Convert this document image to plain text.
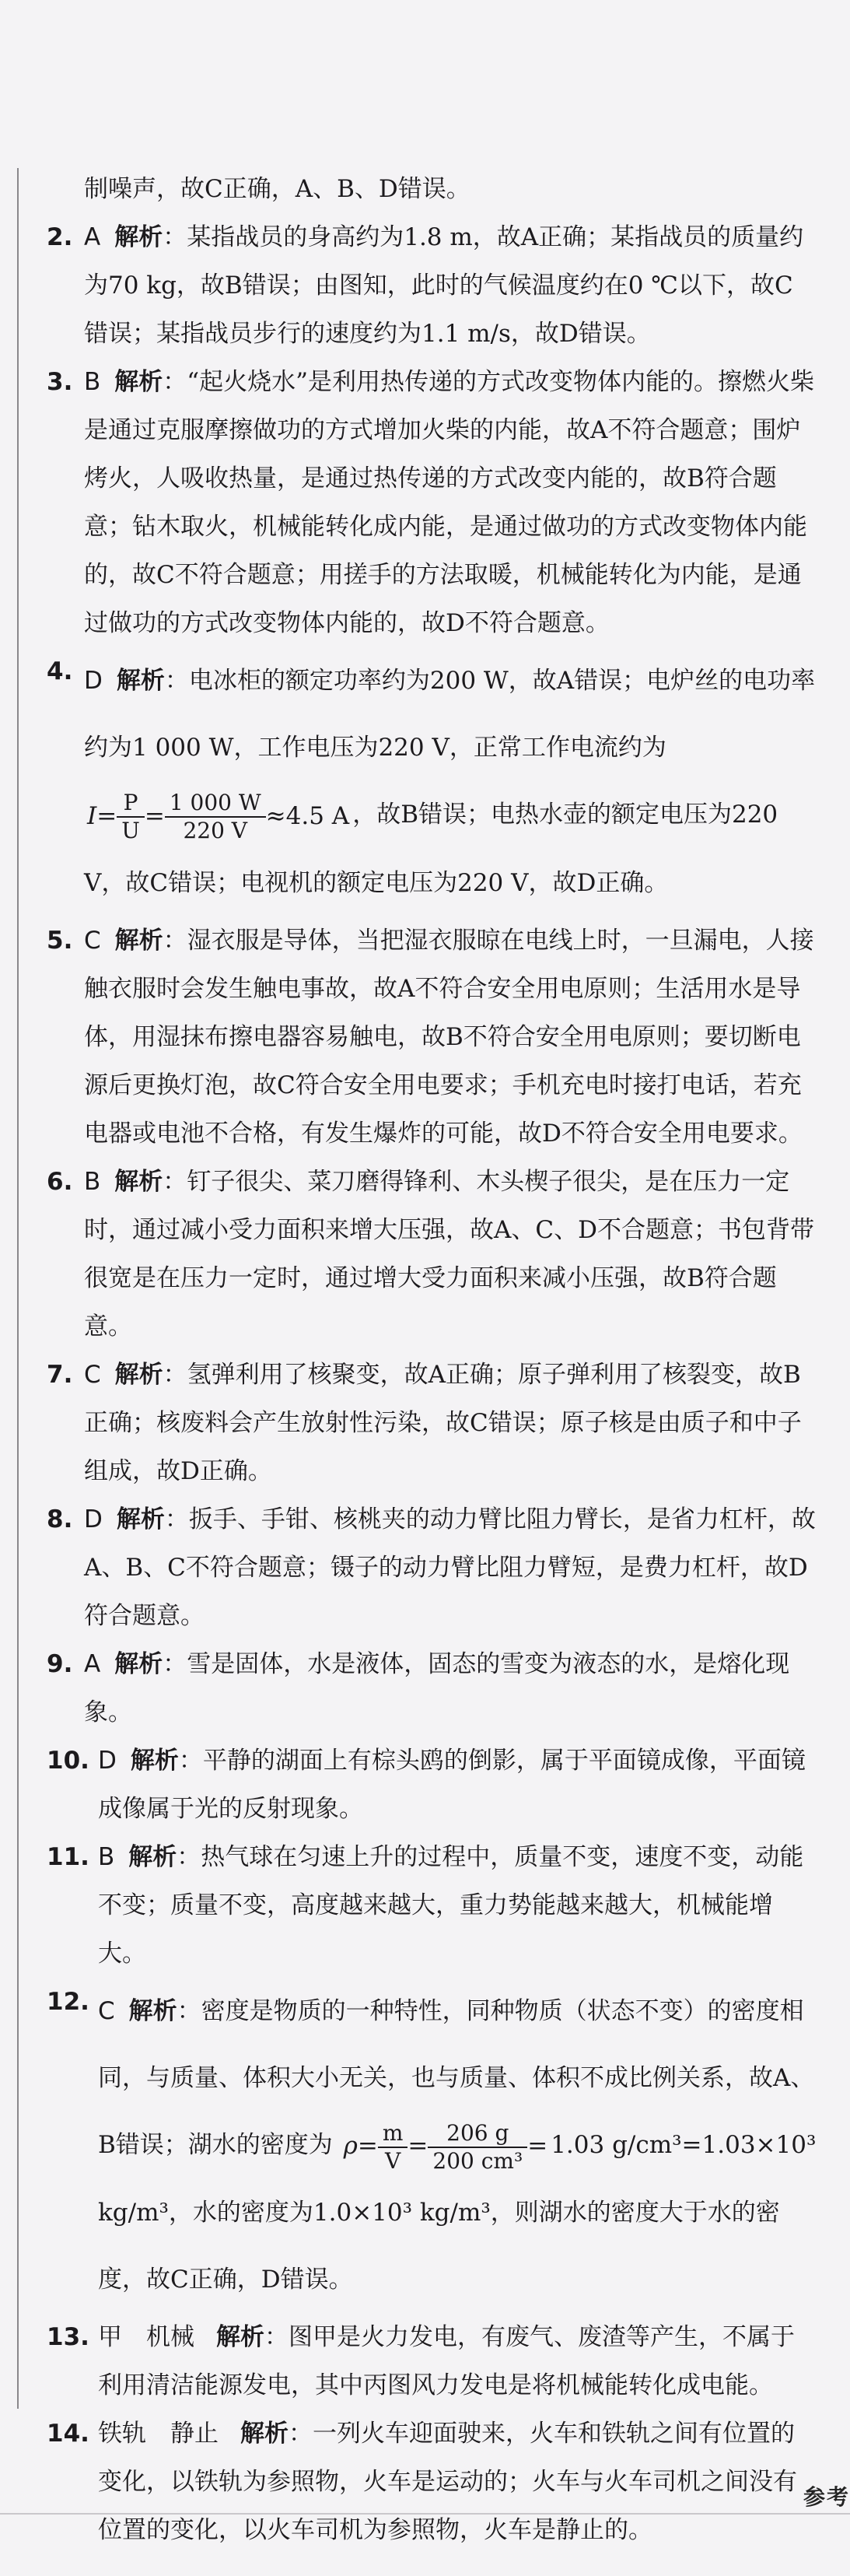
参考
制噪声，故C正确，A、B、D错误。
2. A 解析：某指战员的身高约为1.8 m，故A正确；某指战员的质量约为70 kg，故B错误；由图知，此时的气候温度约在0 ℃以下，故C错误；某指战员步行的速度约为1.1 m/s，故D错误。
3. B 解析：“起火烧水”是利用热传递的方式改变物体内能的。擦燃火柴是通过克服摩擦做功的方式增加火柴的内能，故A不符合题意；围炉烤火，人吸收热量，是通过热传递的方式改变内能的，故B符合题意；钻木取火，机械能转化成内能，是通过做功的方式改变物体内能的，故C不符合题意；用搓手的方法取暖，机械能转化为内能，是通过做功的方式改变物体内能的，故D不符合题意。
4. D 解析：电冰柜的额定功率约为200 W，故A错误；电炉丝的电功率约为1 000 W，工作电压为220 V，正常工作电流约为 $I= \frac{P}{U} = \frac{1 000 W}{220 V} \approx 4.5$ A ，故B错误；电热水壶的额定电压为220 V，故C错误；电视机的额定电压为220 V，故D正确。
5. C 解析：湿衣服是导体，当把湿衣服晾在电线上时，一旦漏电，人接触衣服时会发生触电事故，故A不符合安全用电原则；生活用水是导体，用湿抹布擦电器容易触电，故B不符合安全用电原则；要切断电源后更换灯泡，故C符合安全用电要求；手机充电时接打电话，若充电器或电池不合格，有发生爆炸的可能，故D不符合安全用电要求。
6. B 解析：钉子很尖、菜刀磨得锋利、木头楔子很尖，是在压力一定时，通过减小受力面积来增大压强，故A、C、D不合题意；书包背带很宽是在压力一定时，通过增大受力面积来减小压强，故B符合题意。
7. C 解析：氢弹利用了核聚变，故A正确；原子弹利用了核裂变，故B正确；核废料会产生放射性污染，故C错误；原子核是由质子和中子组成，故D正确。
8. D 解析：扳手、手钳、核桃夹的动力臂比阻力臂长，是省力杠杆，故A、B、C不符合题意；镊子的动力臂比阻力臂短，是费力杠杆，故D符合题意。
9. A 解析：雪是固体，水是液体，固态的雪变为液态的水，是熔化现象。
10. D 解析：平静的湖面上有棕头鸥的倒影，属于平面镜成像，平面镜成像属于光的反射现象。
11. B 解析：热气球在匀速上升的过程中，质量不变，速度不变，动能不变；质量不变，高度越来越大，重力势能越来越大，机械能增大。
12. C 解析：密度是物质的一种特性，同种物质（状态不变）的密度相同，与质量、体积大小无关，也与质量、体积不成比例关系，故A、B错误；湖水的密度为 $\rho= \frac{m}{V} = \frac{206 g}{\text{200 cm³}} = 1.03$ g/cm³=1.03×10³ kg/m³，水的密度为1.0×10³ kg/m³，则湖水的密度大于水的密度，故C正确，D错误。
13. 甲　机械 解析：图甲是火力发电，有废气、废渣等产生，不属于利用清洁能源发电，其中丙图风力发电是将机械能转化成电能。
14. 铁轨　静止 解析：一列火车迎面驶来，火车和铁轨之间有位置的变化，以铁轨为参照物，火车是运动的；火车与火车司机之间没有位置的变化，以火车司机为参照物，火车是静止的。
